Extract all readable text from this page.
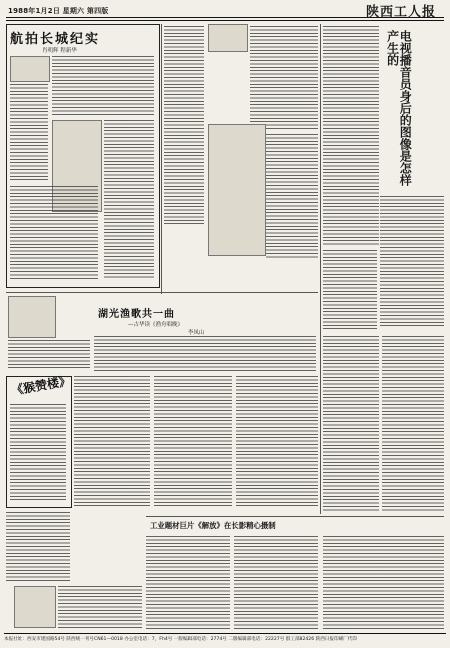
1988年1月2日 星期六 第四版	陕西工人报
航拍长城纪实
肖明辉 程新华	电视播音员身后的图像是怎样产生的
湖光渔歌共一曲
—古华读《渔舟唱晚》
李凤山
《猴赞楼》
工业题材巨片《解放》在长影精心摄制
本报社址：西安市建国路54号 陕西统一刊号CN61—0018 办公室电话：7，Fh4号 一版编辑部电话：2774号 二版编辑部电话：22227号 群工部82426 陕西日报印刷厂代印
